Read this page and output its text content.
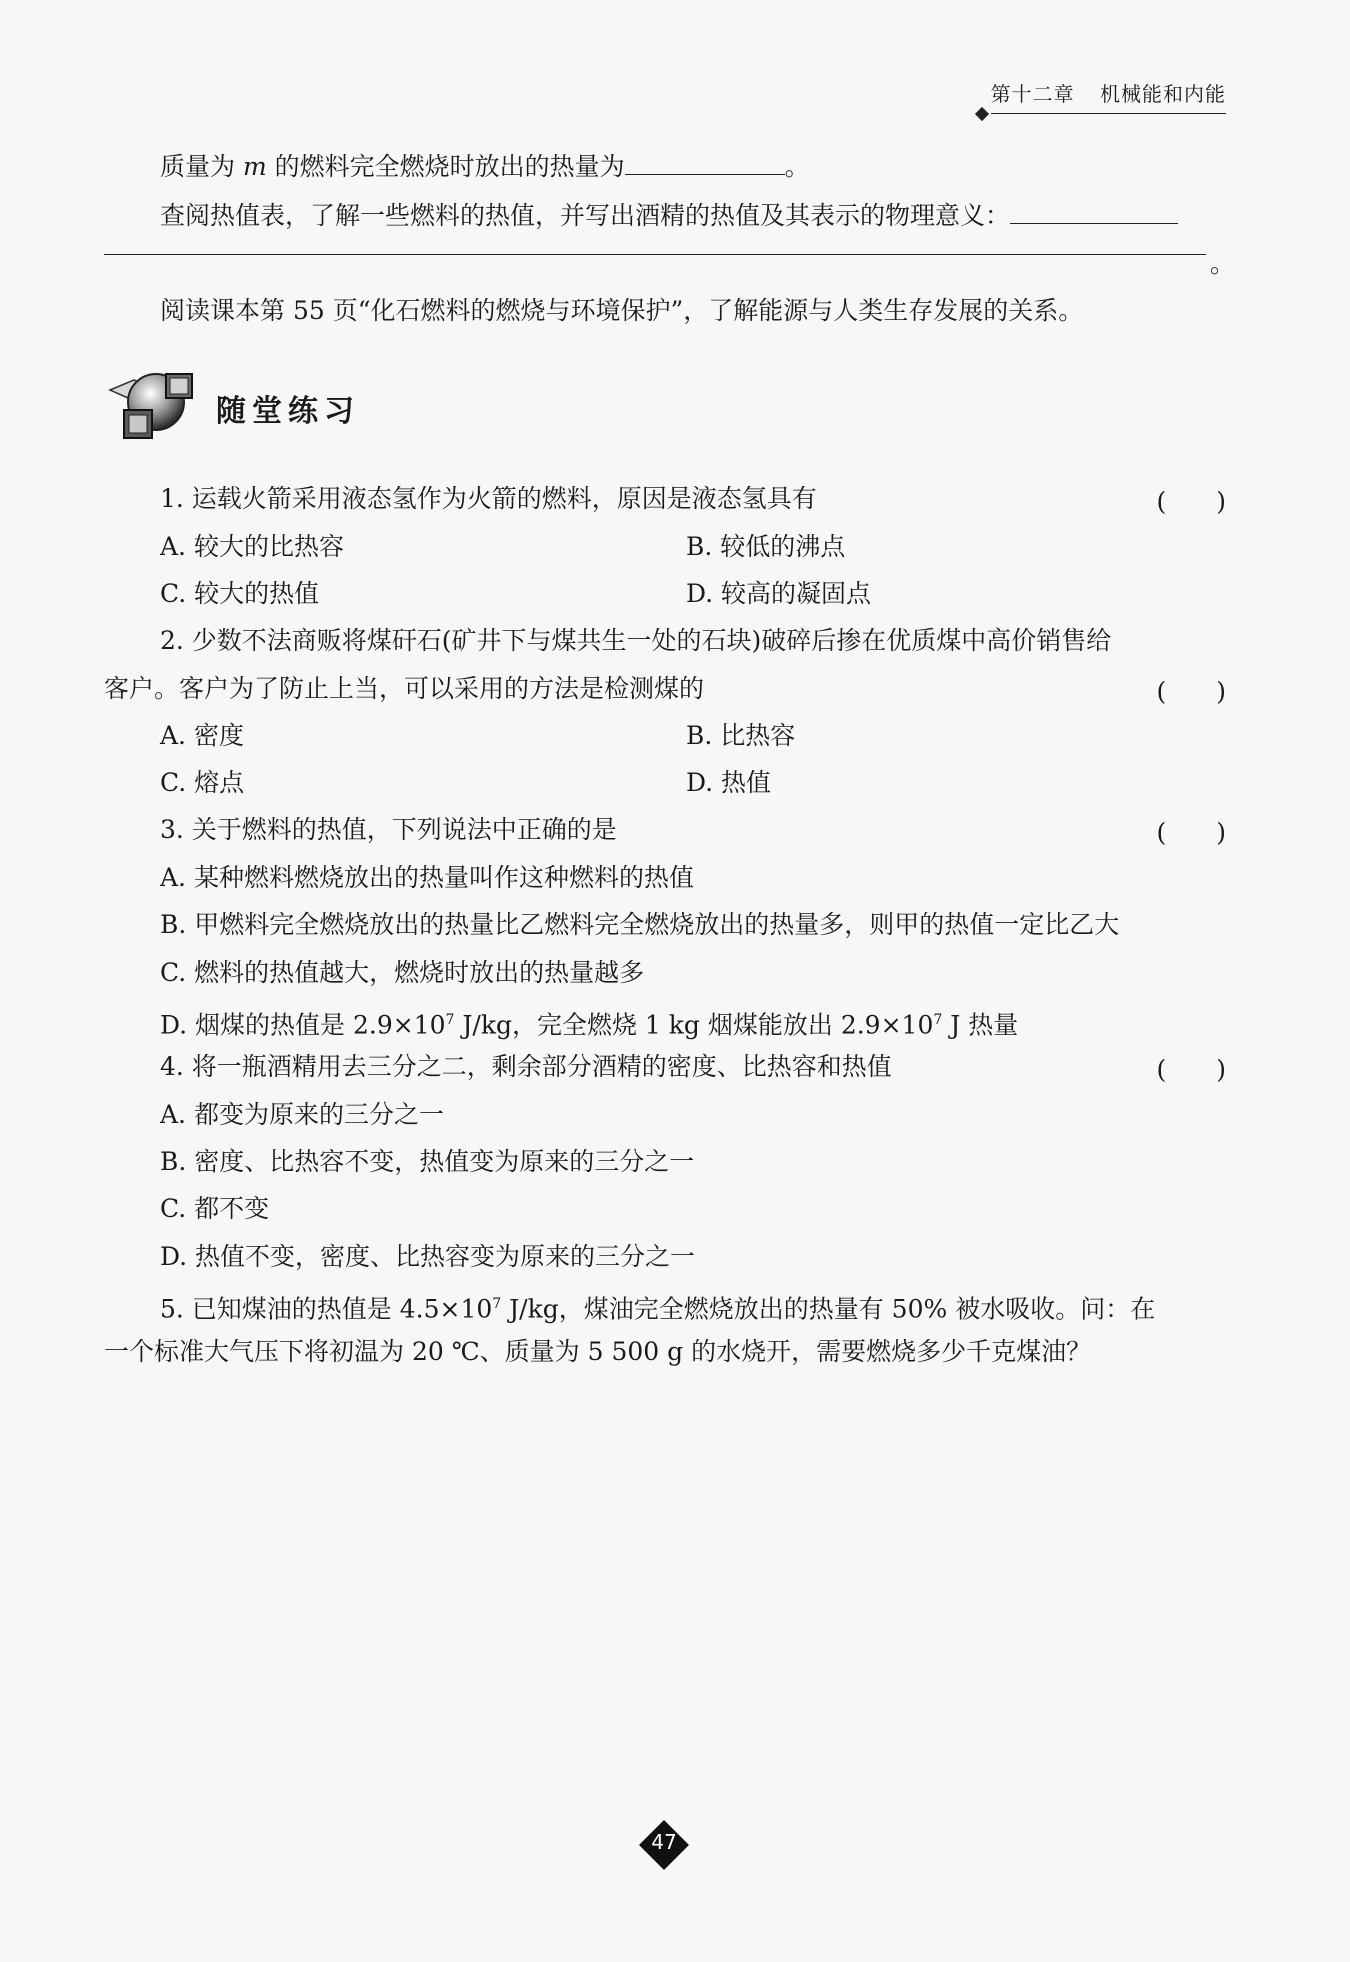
第十二章 机械能和内能
质量为 m 的燃料完全燃烧时放出的热量为	。
查阅热值表，了解一些燃料的热值，并写出酒精的热值及其表示的物理意义：
。
阅读课本第 55 页“化石燃料的燃烧与环境保护”，了解能源与人类生存发展的关系。
随堂练习
1. 运载火箭采用液态氢作为火箭的燃料，原因是液态氢具有	(　　)
A. 较大的比热容	B. 较低的沸点
C. 较大的热值	D. 较高的凝固点
2. 少数不法商贩将煤矸石(矿井下与煤共生一处的石块)破碎后掺在优质煤中高价销售给
客户。客户为了防止上当，可以采用的方法是检测煤的	(　　)
A. 密度	B. 比热容
C. 熔点	D. 热值
3. 关于燃料的热值，下列说法中正确的是	(　　)
A. 某种燃料燃烧放出的热量叫作这种燃料的热值
B. 甲燃料完全燃烧放出的热量比乙燃料完全燃烧放出的热量多，则甲的热值一定比乙大
C. 燃料的热值越大，燃烧时放出的热量越多
D. 烟煤的热值是 $2.9\times 10^7$ J/kg，完全燃烧 1 kg 烟煤能放出 $2.9\times 10^7$ J 热量
4. 将一瓶酒精用去三分之二，剩余部分酒精的密度、比热容和热值	(　　)
A. 都变为原来的三分之一
B. 密度、比热容不变，热值变为原来的三分之一
C. 都不变
D. 热值不变，密度、比热容变为原来的三分之一
5. 已知煤油的热值是 $4.5\times 10^7$ J/kg，煤油完全燃烧放出的热量有 50% 被水吸收。问：在
一个标准大气压下将初温为 20 ℃、质量为 5 500 g 的水烧开，需要燃烧多少千克煤油？
47
